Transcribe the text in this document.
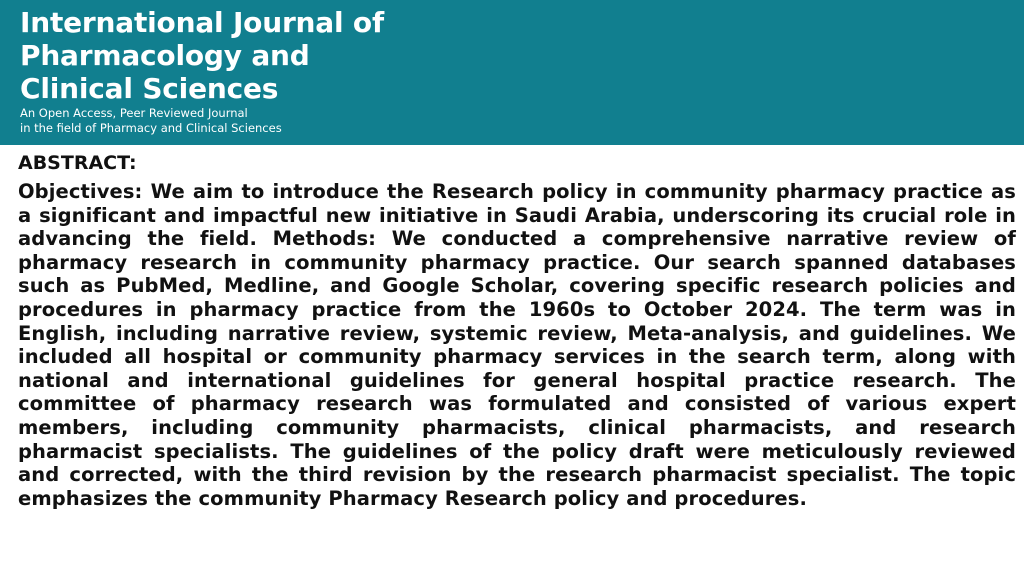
International Journal of
Pharmacology and
Clinical Sciences
An Open Access, Peer Reviewed Journal
in the field of Pharmacy and Clinical Sciences
ABSTRACT:

Objectives: We aim to introduce the Research policy in community pharmacy practice as a significant and impactful new initiative in Saudi Arabia, underscoring its crucial role in advancing the field. Methods: We conducted a comprehensive narrative review of pharmacy research in community pharmacy practice. Our search spanned databases such as PubMed, Medline, and Google Scholar, covering specific research policies and procedures in pharmacy practice from the 1960s to October 2024. The term was in English, including narrative review, systemic review, Meta-analysis, and guidelines. We included all hospital or community pharmacy services in the search term, along with national and international guidelines for general hospital practice research. The committee of pharmacy research was formulated and consisted of various expert members, including community pharmacists, clinical pharmacists, and research pharmacist specialists. The guidelines of the policy draft were meticulously reviewed and corrected, with the third revision by the research pharmacist specialist. The topic emphasizes the community Pharmacy Research policy and procedures.
